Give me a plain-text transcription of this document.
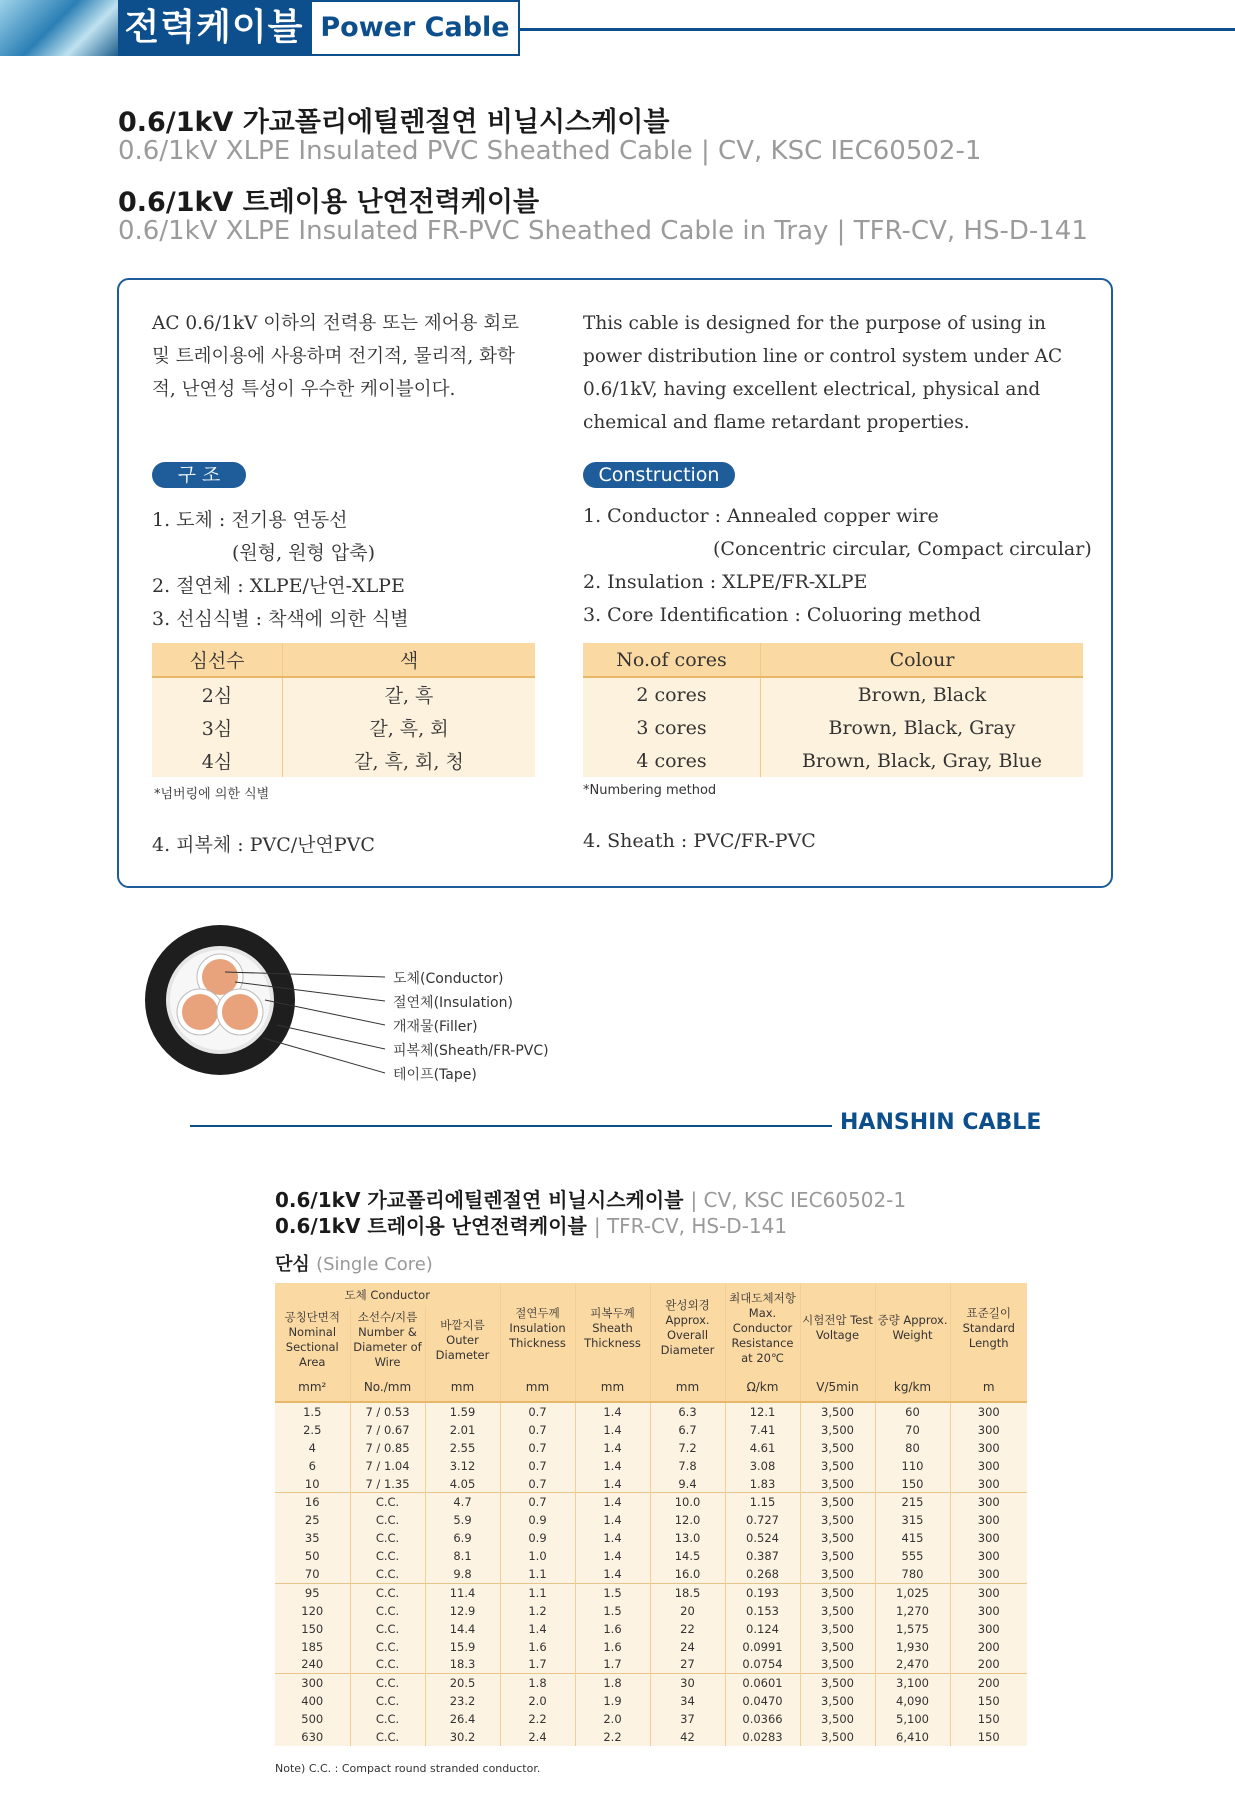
전력케이블 Power Cable
0.6/1kV 가교폴리에틸렌절연 비닐시스케이블
0.6/1kV XLPE Insulated PVC Sheathed Cable | CV, KSC IEC60502-1
0.6/1kV 트레이용 난연전력케이블
0.6/1kV XLPE Insulated FR-PVC Sheathed Cable in Tray | TFR-CV, HS-D-141
AC 0.6/1kV 이하의 전력용 또는 제어용 회로 및 트레이용에 사용하며 전기적, 물리적, 화학적, 난연성 특성이 우수한 케이블이다.
This cable is designed for the purpose of using in power distribution line or control system under AC 0.6/1kV, having excellent electrical, physical and chemical and flame retardant properties.
구 조	Construction
1. 도체 : 전기용 연동선
(원형, 원형 압축)
2. 절연체 : XLPE/난연-XLPE
3. 선심식별 : 착색에 의한 식별
1. Conductor : Annealed copper wire
(Concentric circular, Compact circular)
2. Insulation : XLPE/FR-XLPE
3. Core Identification : Coluoring method
심선수	색
2심	갈, 흑
3심	갈, 흑, 회
4심	갈, 흑, 회, 청
No.of cores	Colour
2 cores	Brown, Black
3 cores	Brown, Black, Gray
4 cores	Brown, Black, Gray, Blue
*넘버링에 의한 식별	*Numbering method
4. 피복체 : PVC/난연PVC	4. Sheath : PVC/FR-PVC
도체(Conductor)
절연체(Insulation)
개재물(Filler)
피복체(Sheath/FR-PVC)
테이프(Tape)
HANSHIN CABLE
0.6/1kV 가교폴리에틸렌절연 비닐시스케이블 | CV, KSC IEC60502-1
0.6/1kV 트레이용 난연전력케이블 | TFR-CV, HS-D-141
단심 (Single Core)
도체 Conductor			절연두께 Insulation Thickness	피복두께 Sheath Thickness	완성외경 Approx. Overall Diameter	최대도체저항 Max. Conductor Resistance at 20℃	시험전압 Test Voltage	중량 Approx. Weight	표준길이 Standard Length
공칭단면적 Nominal Sectional Area	소선수/지름 Number & Diameter of Wire	바깥지름 Outer Diameter							
mm²	No./mm	mm	mm	mm	mm	Ω/km	V/5min	kg/km	m
1.5	7 / 0.53	1.59	0.7	1.4	6.3	12.1	3,500	60	300
2.5	7 / 0.67	2.01	0.7	1.4	6.7	7.41	3,500	70	300
4	7 / 0.85	2.55	0.7	1.4	7.2	4.61	3,500	80	300
6	7 / 1.04	3.12	0.7	1.4	7.8	3.08	3,500	110	300
10	7 / 1.35	4.05	0.7	1.4	9.4	1.83	3,500	150	300
16	C.C.	4.7	0.7	1.4	10.0	1.15	3,500	215	300
25	C.C.	5.9	0.9	1.4	12.0	0.727	3,500	315	300
35	C.C.	6.9	0.9	1.4	13.0	0.524	3,500	415	300
50	C.C.	8.1	1.0	1.4	14.5	0.387	3,500	555	300
70	C.C.	9.8	1.1	1.4	16.0	0.268	3,500	780	300
95	C.C.	11.4	1.1	1.5	18.5	0.193	3,500	1,025	300
120	C.C.	12.9	1.2	1.5	20	0.153	3,500	1,270	300
150	C.C.	14.4	1.4	1.6	22	0.124	3,500	1,575	300
185	C.C.	15.9	1.6	1.6	24	0.0991	3,500	1,930	200
240	C.C.	18.3	1.7	1.7	27	0.0754	3,500	2,470	200
300	C.C.	20.5	1.8	1.8	30	0.0601	3,500	3,100	200
400	C.C.	23.2	2.0	1.9	34	0.0470	3,500	4,090	150
500	C.C.	26.4	2.2	2.0	37	0.0366	3,500	5,100	150
630	C.C.	30.2	2.4	2.2	42	0.0283	3,500	6,410	150
Note) C.C. : Compact round stranded conductor.
